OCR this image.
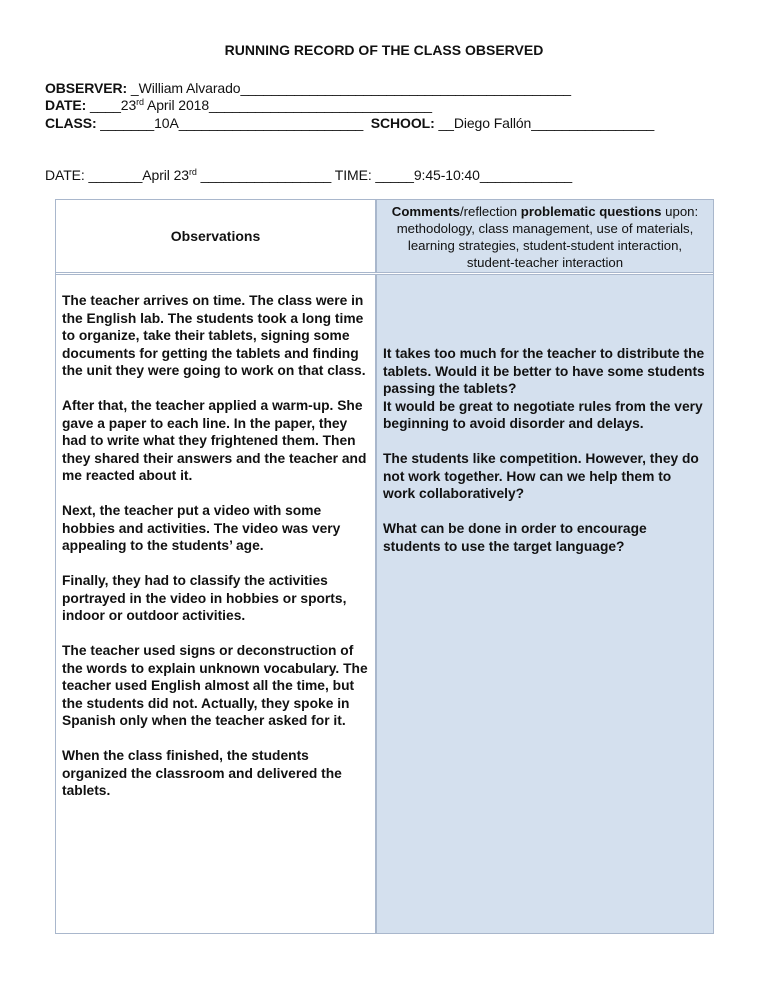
RUNNING RECORD OF THE CLASS OBSERVED
OBSERVER: _William Alvarado___________________________________________
DATE: ____23rd April 2018_____________________________
CLASS: _______10A________________________ SCHOOL: __Diego Fallón________________
DATE: _______April 23rd _________________ TIME: _____9:45-10:40____________
Observations
Comments/reflection problematic questions upon: methodology, class management, use of materials, learning strategies, student-student interaction, student-teacher interaction

The teacher arrives on time. The class were in the English lab. The students took a long time to organize, take their tablets, signing some documents for getting the tablets and finding the unit they were going to work on that class.

After that, the teacher applied a warm-up. She gave a paper to each line. In the paper, they had to write what they frightened them. Then they shared their answers and the teacher and me reacted about it.

Next, the teacher put a video with some hobbies and activities. The video was very appealing to the students’ age.

Finally, they had to classify the activities portrayed in the video in hobbies or sports, indoor or outdoor activities.

The teacher used signs or deconstruction of the words to explain unknown vocabulary. The teacher used English almost all the time, but the students did not. Actually, they spoke in Spanish only when the teacher asked for it.

When the class finished, the students organized the classroom and delivered the tablets.

It takes too much for the teacher to distribute the tablets. Would it be better to have some students passing the tablets?

It would be great to negotiate rules from the very beginning to avoid disorder and delays.

The students like competition. However, they do not work together. How can we help them to work collaboratively?

What can be done in order to encourage students to use the target language?
